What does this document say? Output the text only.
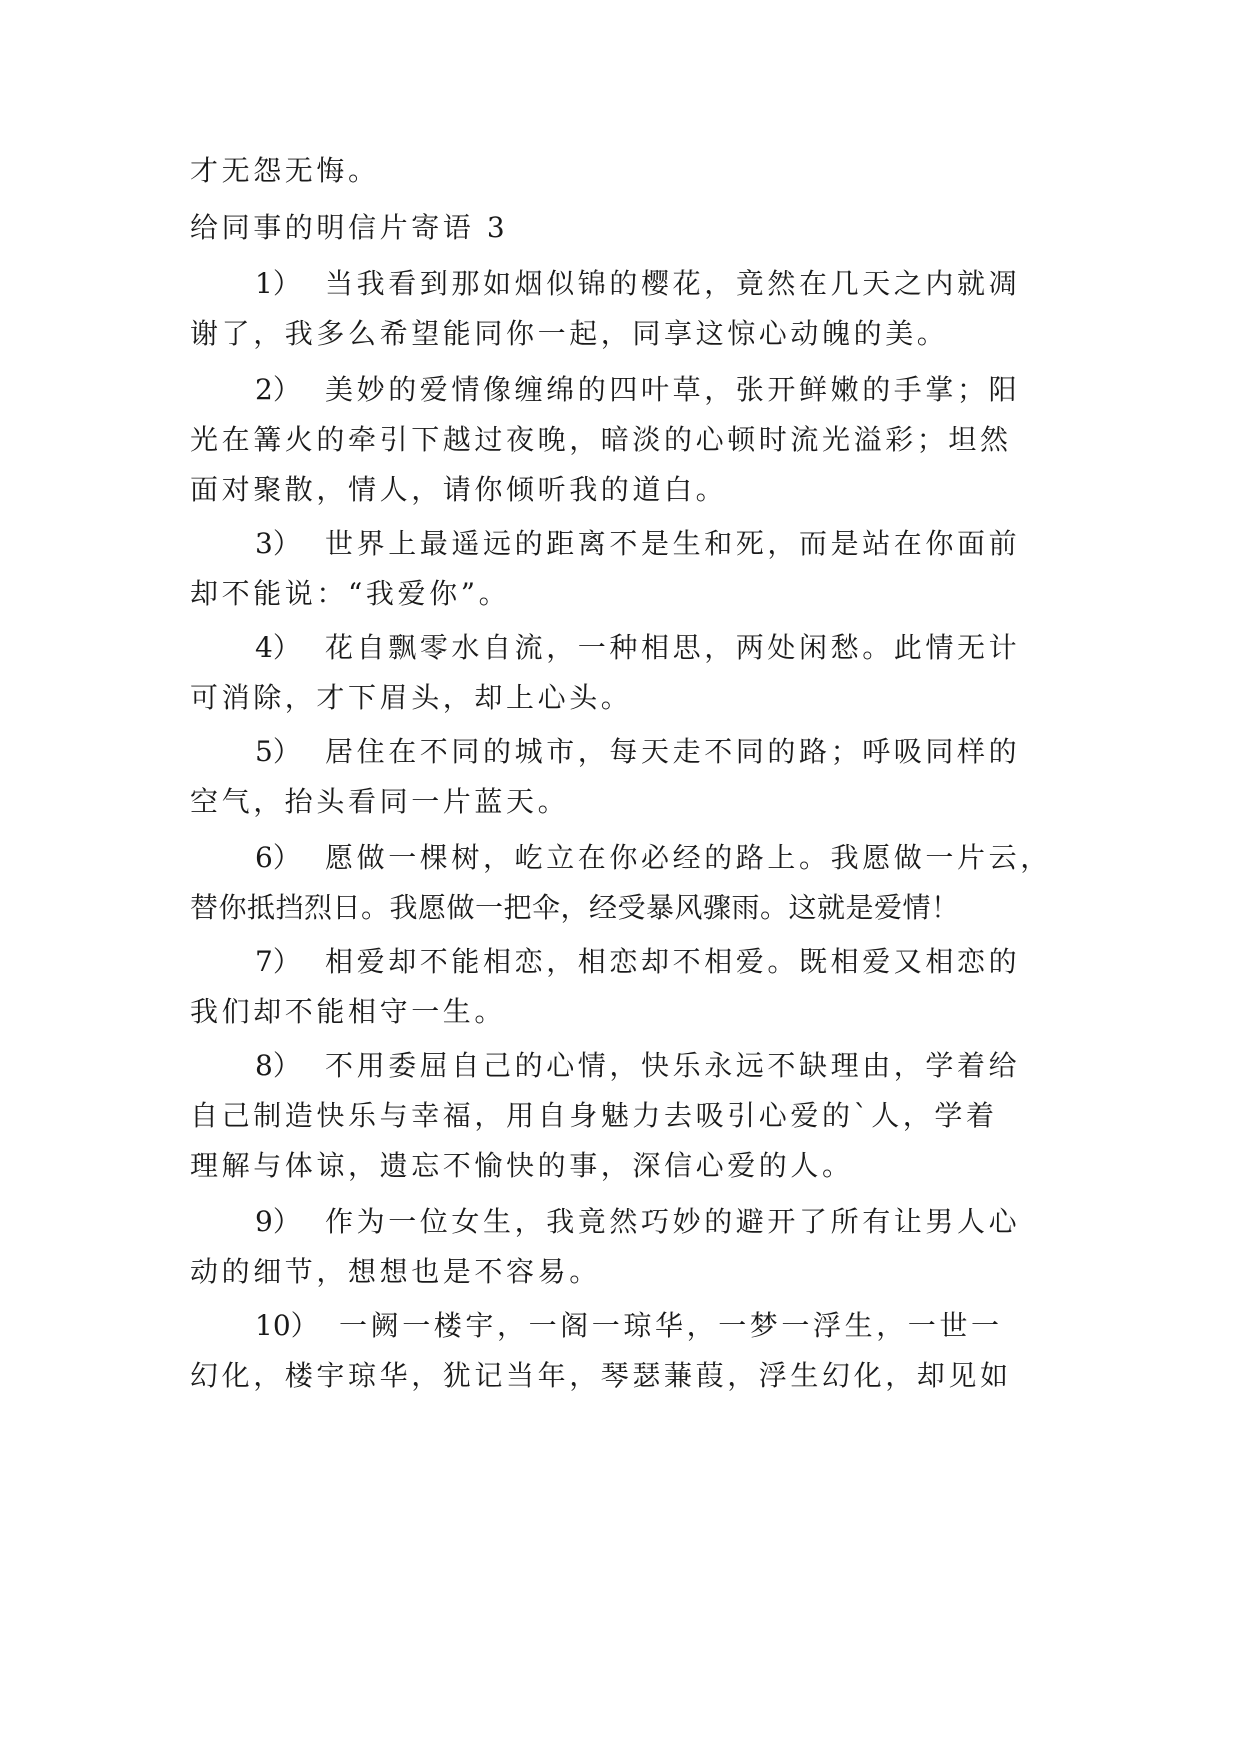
才无怨无悔。
给同事的明信片寄语 3
1） 当我看到那如烟似锦的樱花，竟然在几天之内就凋
谢了，我多么希望能同你一起，同享这惊心动魄的美。
2） 美妙的爱情像缠绵的四叶草，张开鲜嫩的手掌；阳
光在篝火的牵引下越过夜晚，暗淡的心顿时流光溢彩；坦然
面对聚散，情人，请你倾听我的道白。
3） 世界上最遥远的距离不是生和死，而是站在你面前
却不能说：“我爱你”。
4） 花自飘零水自流，一种相思，两处闲愁。此情无计
可消除，才下眉头，却上心头。
5） 居住在不同的城市，每天走不同的路；呼吸同样的
空气，抬头看同一片蓝天。
6） 愿做一棵树，屹立在你必经的路上。我愿做一片云，
替你抵挡烈日。我愿做一把伞，经受暴风骤雨。这就是爱情！
7） 相爱却不能相恋，相恋却不相爱。既相爱又相恋的
我们却不能相守一生。
8） 不用委屈自己的心情，快乐永远不缺理由，学着给
自己制造快乐与幸福，用自身魅力去吸引心爱的`人，学着
理解与体谅，遗忘不愉快的事，深信心爱的人。
9） 作为一位女生，我竟然巧妙的避开了所有让男人心
动的细节，想想也是不容易。
10） 一阙一楼宇，一阁一琼华，一梦一浮生，一世一
幻化，楼宇琼华，犹记当年，琴瑟蒹葭，浮生幻化，却见如
